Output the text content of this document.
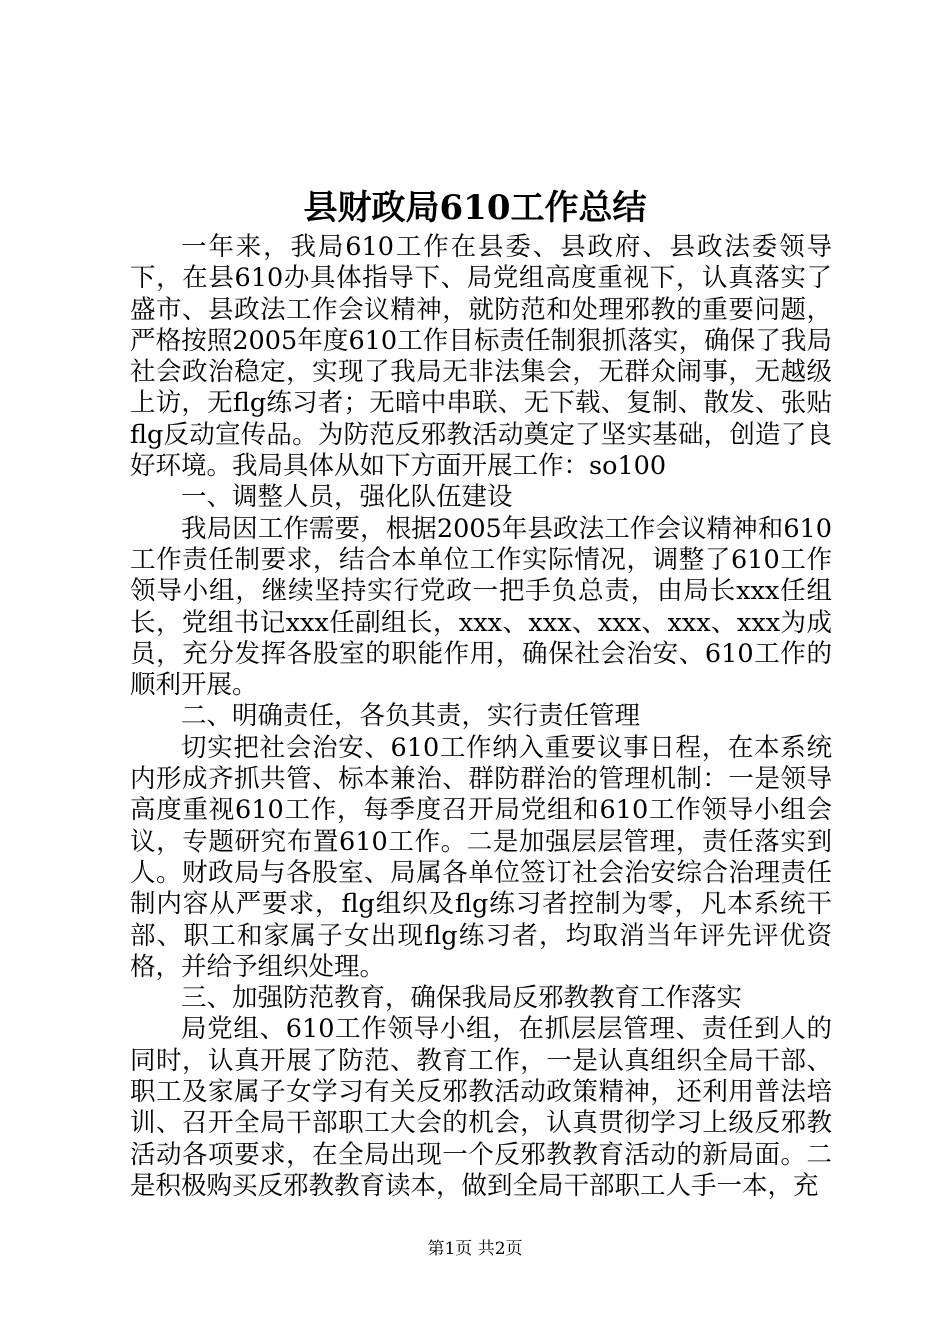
县财政局610工作总结

一年来，我局610工作在县委、县政府、县政法委领导下，在县610办具体指导下、局党组高度重视下，认真落实了盛市、县政法工作会议精神，就防范和处理邪教的重要问题，严格按照2005年度610工作目标责任制狠抓落实，确保了我局社会政治稳定，实现了我局无非法集会，无群众闹事，无越级上访，无flg练习者；无暗中串联、无下载、复制、散发、张贴flg反动宣传品。为防范反邪教活动奠定了坚实基础，创造了良好环境。我局具体从如下方面开展工作：so100

一、调整人员，强化队伍建设

我局因工作需要，根据2005年县政法工作会议精神和610工作责任制要求，结合本单位工作实际情况，调整了610工作领导小组，继续坚持实行党政一把手负总责，由局长xxx任组长，党组书记xxx任副组长，xxx、xxx、xxx、xxx、xxx为成员，充分发挥各股室的职能作用，确保社会治安、610工作的顺利开展。

二、明确责任，各负其责，实行责任管理

切实把社会治安、610工作纳入重要议事日程，在本系统内形成齐抓共管、标本兼治、群防群治的管理机制：一是领导高度重视610工作，每季度召开局党组和610工作领导小组会议，专题研究布置610工作。二是加强层层管理，责任落实到人。财政局与各股室、局属各单位签订社会治安综合治理责任制内容从严要求，flg组织及flg练习者控制为零，凡本系统干部、职工和家属子女出现flg练习者，均取消当年评先评优资格，并给予组织处理。

三、加强防范教育，确保我局反邪教教育工作落实

局党组、610工作领导小组，在抓层层管理、责任到人的同时，认真开展了防范、教育工作，一是认真组织全局干部、职工及家属子女学习有关反邪教活动政策精神，还利用普法培训、召开全局干部职工大会的机会，认真贯彻学习上级反邪教活动各项要求，在全局出现一个反邪教教育活动的新局面。二是积极购买反邪教教育读本，做到全局干部职工人手一本，充

第1页 共2页
